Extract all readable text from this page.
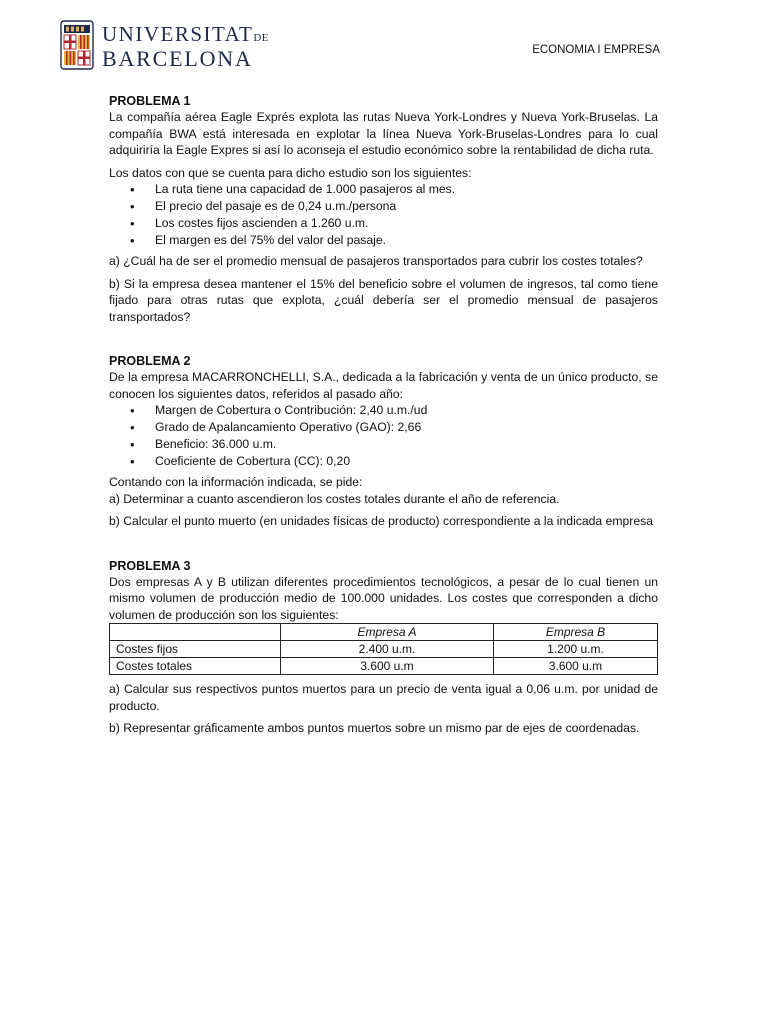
UNIVERSITATDE
BARCELONA	ECONOMIA I EMPRESA
PROBLEMA 1

La compañía aérea Eagle Exprés explota las rutas Nueva York-Londres y Nueva York-Bruselas. La compañía BWA está interesada en explotar la línea Nueva York-Bruselas-Londres para lo cual adquiriría la Eagle Expres si así lo aconseja el estudio económico sobre la rentabilidad de dicha ruta.

Los datos con que se cuenta para dicho estudio son los siguientes:

• La ruta tiene una capacidad de 1.000 pasajeros al mes.
• El precio del pasaje es de 0,24 u.m./persona
• Los costes fijos ascienden a 1.260 u.m.
• El margen es del 75% del valor del pasaje.

a) ¿Cuál ha de ser el promedio mensual de pasajeros transportados para cubrir los costes totales?

b) Si la empresa desea mantener el 15% del beneficio sobre el volumen de ingresos, tal como tiene fijado para otras rutas que explota, ¿cuál debería ser el promedio mensual de pasajeros transportados?

PROBLEMA 2

De la empresa MACARRONCHELLI, S.A., dedicada a la fabricación y venta de un único producto, se conocen los siguientes datos, referidos al pasado año:

• Margen de Cobertura o Contribución: 2,40 u.m./ud
• Grado de Apalancamiento Operativo (GAO): 2,66
• Beneficio: 36.000 u.m.
• Coeficiente de Cobertura (CC): 0,20

Contando con la información indicada, se pide:

a) Determinar a cuanto ascendieron los costes totales durante el año de referencia.

b) Calcular el punto muerto (en unidades físicas de producto) correspondiente a la indicada empresa

PROBLEMA 3

Dos empresas A y B utilizan diferentes procedimientos tecnológicos, a pesar de lo cual tienen un mismo volumen de producción medio de 100.000 unidades. Los costes que corresponden a dicho volumen de producción son los siguientes:

	Empresa A	Empresa B
Costes fijos	2.400 u.m.	1.200 u.m.
Costes totales	3.600 u.m	3.600 u.m

a) Calcular sus respectivos puntos muertos para un precio de venta igual a 0,06 u.m. por unidad de producto.

b) Representar gráficamente ambos puntos muertos sobre un mismo par de ejes de coordenadas.
